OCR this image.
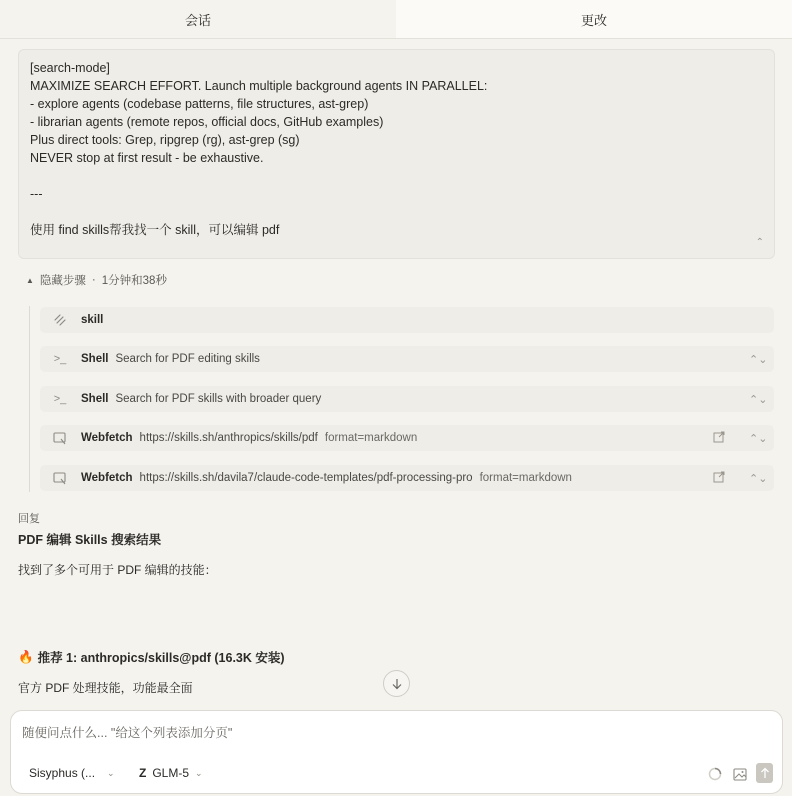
会话	更改
[search-mode]
MAXIMIZE SEARCH EFFORT. Launch multiple background agents IN PARALLEL:
- explore agents (codebase patterns, file structures, ast-grep)
- librarian agents (remote repos, official docs, GitHub examples)
Plus direct tools: Grep, ripgrep (rg), ast-grep (sg)
NEVER stop at first result - be exhaustive.
---
使用 find skills帮我找一个 skill，可以编辑 pdf
⌃
▲ 隐藏步骤 · 1分钟和38秒
skill
>_ Shell Search for PDF editing skills	⌃⌄
>_ Shell Search for PDF skills with broader query	⌃⌄
Webfetch https://skills.sh/anthropics/skills/pdf format=markdown	⌃⌄
Webfetch https://skills.sh/davila7/claude-code-templates/pdf-processing-pro format=markdown	⌃⌄
回复
PDF 编辑 Skills 搜索结果
找到了多个可用于 PDF 编辑的技能：
🔥 推荐 1: anthropics/skills@pdf (16.3K 安装)
官方 PDF 处理技能，功能最全面
随便问点什么... "给这个列表添加分页"
Sisyphus (... ⌄ Z GLM-5 ⌄
